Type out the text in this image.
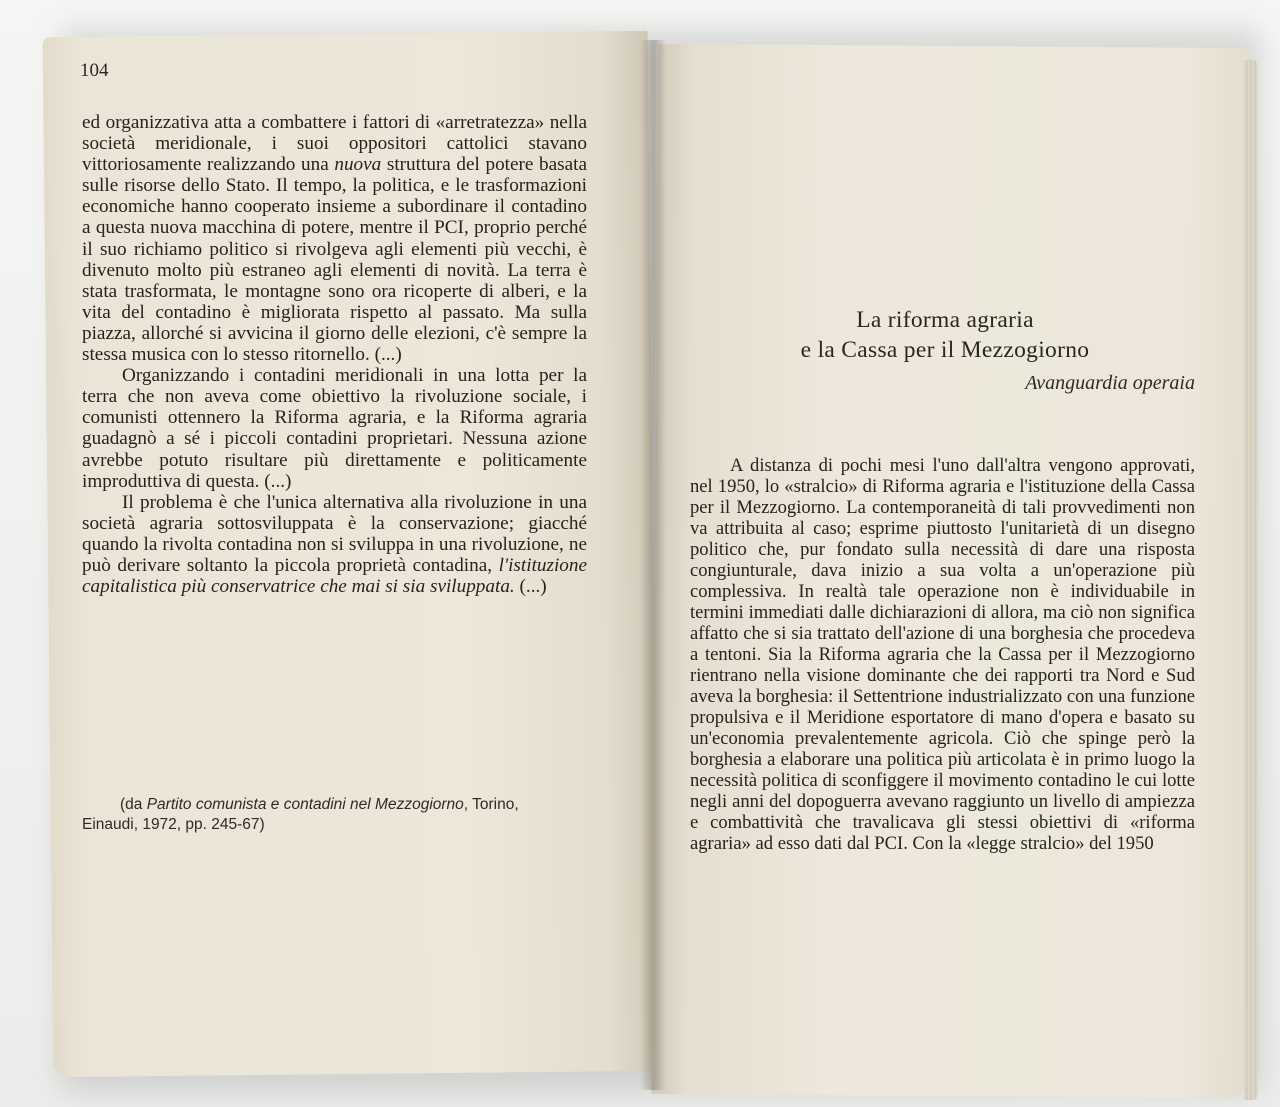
104

ed organizzativa atta a combattere i fattori di «arretratezza» nella società meridionale, i suoi oppositori cattolici stavano vittoriosamente realizzando una nuova struttura del potere basata sulle risorse dello Stato. Il tempo, la politica, e le trasformazioni economiche hanno cooperato insieme a subordinare il contadino a questa nuova macchina di potere, mentre il PCI, proprio perché il suo richiamo politico si rivolgeva agli elementi più vecchi, è divenuto molto più estraneo agli elementi di novità. La terra è stata trasformata, le montagne sono ora ricoperte di alberi, e la vita del contadino è migliorata rispetto al passato. Ma sulla piazza, allorché si avvicina il giorno delle elezioni, c'è sempre la stessa musica con lo stesso ritornello. (...)

Organizzando i contadini meridionali in una lotta per la terra che non aveva come obiettivo la rivoluzione sociale, i comunisti ottennero la Riforma agraria, e la Riforma agraria guadagnò a sé i piccoli contadini proprietari. Nessuna azione avrebbe potuto risultare più direttamente e politicamente improduttiva di questa. (...)

Il problema è che l'unica alternativa alla rivoluzione in una società agraria sottosviluppata è la conservazione; giacché quando la rivolta contadina non si sviluppa in una rivoluzione, ne può derivare soltanto la piccola proprietà contadina, l'istituzione capitalistica più conservatrice che mai si sia sviluppata. (...)

(da Partito comunista e contadini nel Mezzogiorno, Torino,
Einaudi, 1972, pp. 245-67)
La riforma agraria
e la Cassa per il Mezzogiorno
Avanguardia operaia

A distanza di pochi mesi l'uno dall'altra vengono approvati, nel 1950, lo «stralcio» di Riforma agraria e l'istituzione della Cassa per il Mezzogiorno. La contemporaneità di tali provvedimenti non va attribuita al caso; esprime piuttosto l'unitarietà di un disegno politico che, pur fondato sulla necessità di dare una risposta congiunturale, dava inizio a sua volta a un'operazione più complessiva. In realtà tale operazione non è individuabile in termini immediati dalle dichiarazioni di allora, ma ciò non significa affatto che si sia trattato dell'azione di una borghesia che procedeva a tentoni. Sia la Riforma agraria che la Cassa per il Mezzogiorno rientrano nella visione dominante che dei rapporti tra Nord e Sud aveva la borghesia: il Settentrione industrializzato con una funzione propulsiva e il Meridione esportatore di mano d'opera e basato su un'economia prevalentemente agricola. Ciò che spinge però la borghesia a elaborare una politica più articolata è in primo luogo la necessità politica di sconfiggere il movimento contadino le cui lotte negli anni del dopoguerra avevano raggiunto un livello di ampiezza e combattività che travalicava gli stessi obiettivi di «riforma agraria» ad esso dati dal PCI. Con la «legge stralcio» del 1950
